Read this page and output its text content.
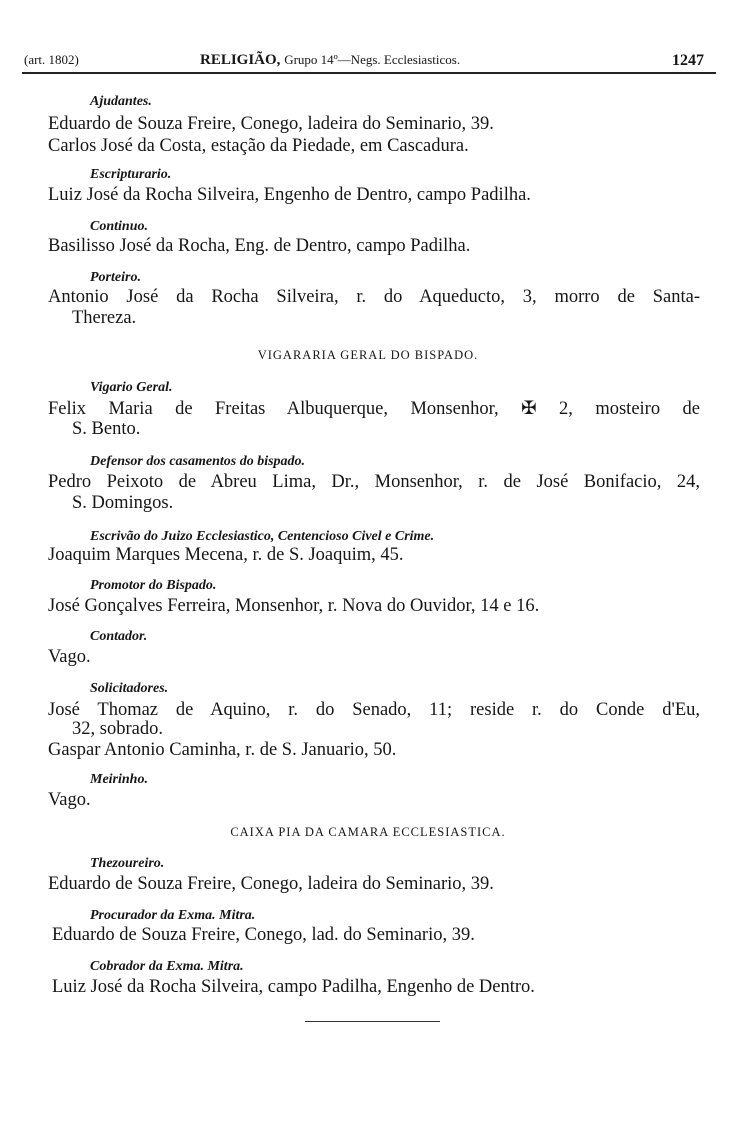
(art. 1802)	RELIGIÃO, Grupo 14º—Negs. Ecclesiasticos.	1247
Ajudantes.
Eduardo de Souza Freire, Conego, ladeira do Seminario, 39.
Carlos José da Costa, estação da Piedade, em Cascadura.
Escripturario.
Luiz José da Rocha Silveira, Engenho de Dentro, campo Padilha.
Continuo.
Basilisso José da Rocha, Eng. de Dentro, campo Padilha.
Porteiro.
Antonio José da Rocha Silveira, r. do Aqueducto, 3, morro de Santa-
Thereza.
VIGARARIA GERAL DO BISPADO.
Vigario Geral.
Felix Maria de Freitas Albuquerque, Monsenhor, ✠ 2, mosteiro de
S. Bento.
Defensor dos casamentos do bispado.
Pedro Peixoto de Abreu Lima, Dr., Monsenhor, r. de José Bonifacio, 24,
S. Domingos.
Escrivão do Juizo Ecclesiastico, Centencioso Civel e Crime.
Joaquim Marques Mecena, r. de S. Joaquim, 45.
Promotor do Bispado.
José Gonçalves Ferreira, Monsenhor, r. Nova do Ouvidor, 14 e 16.
Contador.
Vago.
Solicitadores.
José Thomaz de Aquino, r. do Senado, 11; reside r. do Conde d'Eu,
32, sobrado.
Gaspar Antonio Caminha, r. de S. Januario, 50.
Meirinho.
Vago.
CAIXA PIA DA CAMARA ECCLESIASTICA.
Thezoureiro.
Eduardo de Souza Freire, Conego, ladeira do Seminario, 39.
Procurador da Exma. Mitra.
Eduardo de Souza Freire, Conego, lad. do Seminario, 39.
Cobrador da Exma. Mitra.
Luiz José da Rocha Silveira, campo Padilha, Engenho de Dentro.
